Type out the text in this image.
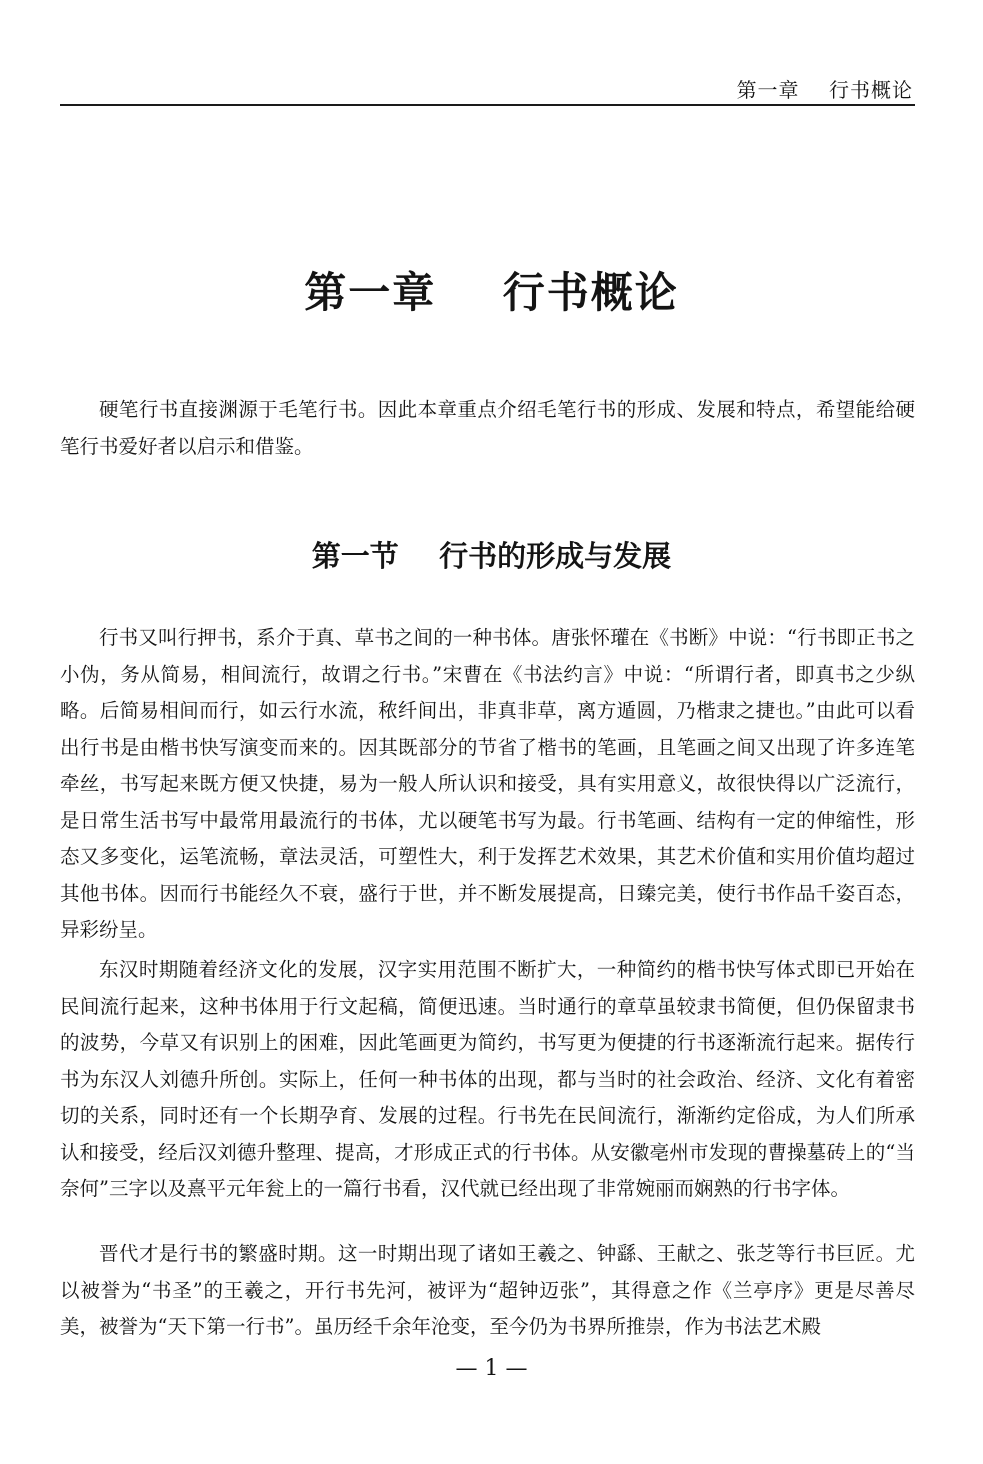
第一章    行书概论
第一章    行书概论

硬笔行书直接渊源于毛笔行书。因此本章重点介绍毛笔行书的形成、发展和特点，希望能给硬笔行书爱好者以启示和借鉴。

第一节    行书的形成与发展

行书又叫行押书，系介于真、草书之间的一种书体。唐张怀瓘在《书断》中说：“行书即正书之小伪，务从简易，相间流行，故谓之行书。”宋曹在《书法约言》中说：“所谓行者，即真书之少纵略。后简易相间而行，如云行水流，秾纤间出，非真非草，离方遁圆，乃楷隶之捷也。”由此可以看出行书是由楷书快写演变而来的。因其既部分的节省了楷书的笔画，且笔画之间又出现了许多连笔牵丝，书写起来既方便又快捷，易为一般人所认识和接受，具有实用意义，故很快得以广泛流行，是日常生活书写中最常用最流行的书体，尤以硬笔书写为最。行书笔画、结构有一定的伸缩性，形态又多变化，运笔流畅，章法灵活，可塑性大，利于发挥艺术效果，其艺术价值和实用价值均超过其他书体。因而行书能经久不衰，盛行于世，并不断发展提高，日臻完美，使行书作品千姿百态，异彩纷呈。

东汉时期随着经济文化的发展，汉字实用范围不断扩大，一种简约的楷书快写体式即已开始在民间流行起来，这种书体用于行文起稿，简便迅速。当时通行的章草虽较隶书简便，但仍保留隶书的波势，今草又有识别上的困难，因此笔画更为简约，书写更为便捷的行书逐渐流行起来。据传行书为东汉人刘德升所创。实际上，任何一种书体的出现，都与当时的社会政治、经济、文化有着密切的关系，同时还有一个长期孕育、发展的过程。行书先在民间流行，渐渐约定俗成，为人们所承认和接受，经后汉刘德升整理、提高，才形成正式的行书体。从安徽亳州市发现的曹操墓砖上的“当奈何”三字以及熹平元年瓮上的一篇行书看，汉代就已经出现了非常婉丽而娴熟的行书字体。

晋代才是行书的繁盛时期。这一时期出现了诸如王羲之、钟繇、王献之、张芝等行书巨匠。尤以被誉为“书圣”的王羲之，开行书先河，被评为“超钟迈张”，其得意之作《兰亭序》更是尽善尽美，被誉为“天下第一行书”。虽历经千余年沧变，至今仍为书界所推崇，作为书法艺术殿

— 1 —
